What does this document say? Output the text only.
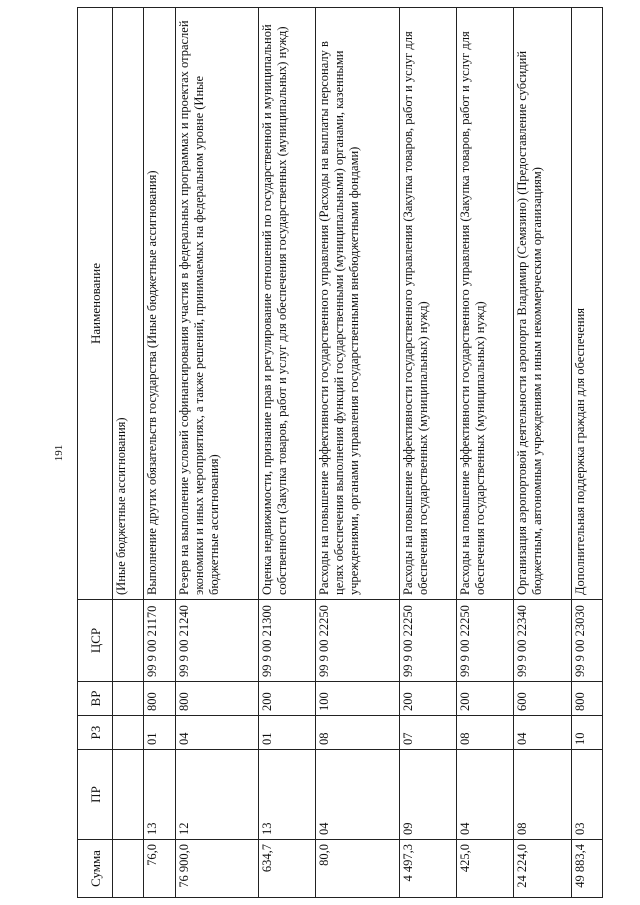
191
Сумма	ПР	РЗ	ВР	ЦСР	Наименование
					(Иные бюджетные ассигнования)
76,0	13	01	800	99 9 00 21170	Выполнение других обязательств государства (Иные бюджетные ассигнования)
76 900,0	12	04	800	99 9 00 21240	Резерв на выполнение условий софинансирования участия в федеральных программах и проектах отраслей экономики и иных мероприятиях, а также решений, принимаемых на федеральном уровне (Иные бюджетные ассигнования)
634,7	13	01	200	99 9 00 21300	Оценка недвижимости, признание прав и регулирование отношений по государственной и муниципальной собственности (Закупка товаров, работ и услуг для обеспечения государственных (муниципальных) нужд)
80,0	04	08	100	99 9 00 22250	Расходы на повышение эффективности государственного управления (Расходы на выплаты персоналу в целях обеспечения выполнения функций государственными (муниципальными) органами, казенными учреждениями, органами управления государственными внебюджетными фондами)
4 497,3	09	07	200	99 9 00 22250	Расходы на повышение эффективности государственного управления (Закупка товаров, работ и услуг для обеспечения государственных (муниципальных) нужд)
425,0	04	08	200	99 9 00 22250	Расходы на повышение эффективности государственного управления (Закупка товаров, работ и услуг для обеспечения государственных (муниципальных) нужд)
24 224,0	08	04	600	99 9 00 22340	Организация аэропортовой деятельности аэропорта Владимир (Семязино) (Предоставление субсидий бюджетным, автономным учреждениям и иным некоммерческим организациям)
49 883,4	03	10	800	99 9 00 23030	Дополнительная поддержка граждан для обеспечения
